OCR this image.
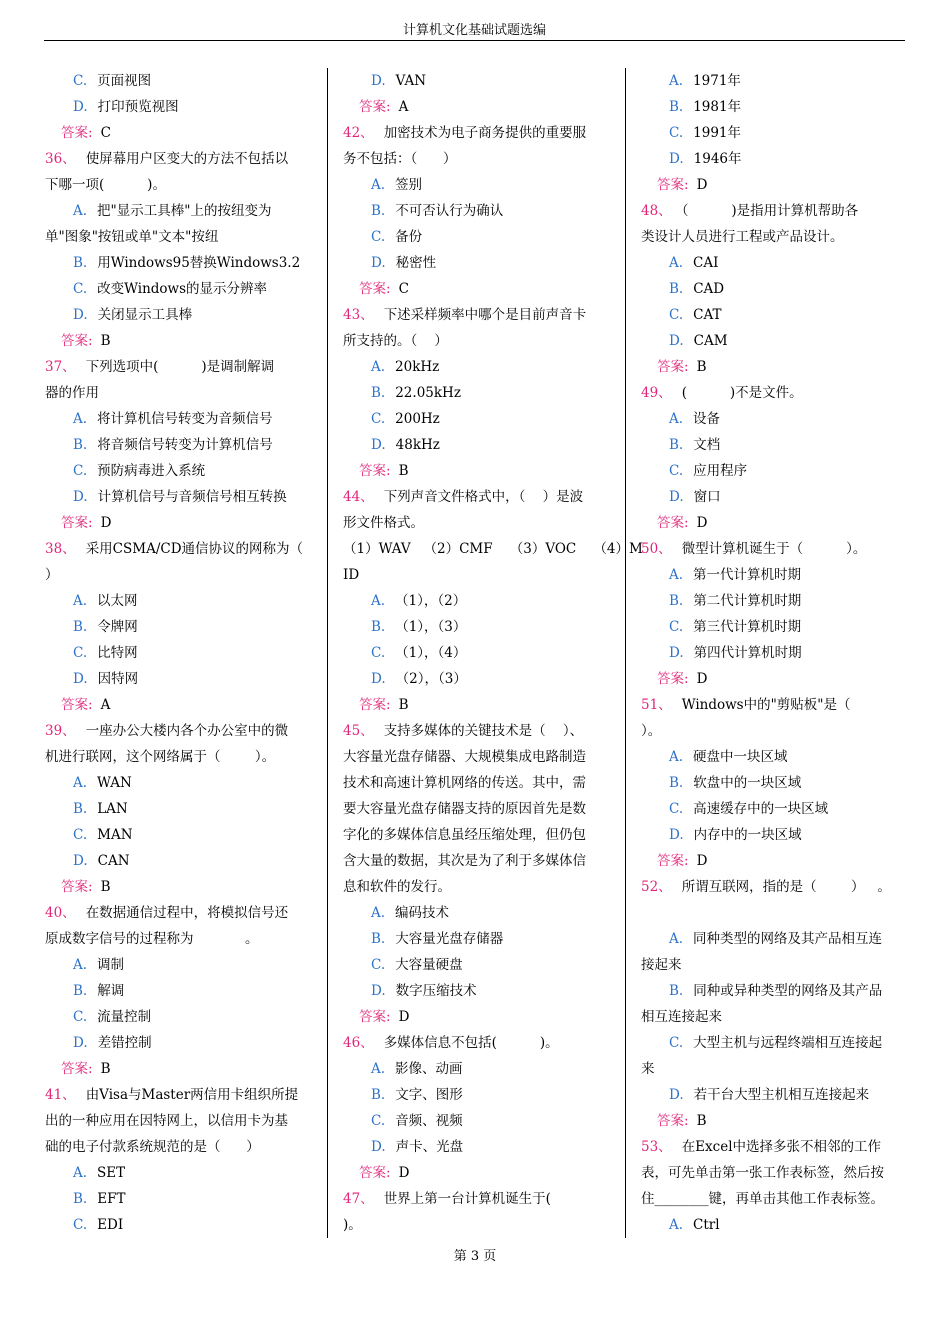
计算机文化基础试题选编
C. 页面视图
D. 打印预览视图
答案: C
36、 使屏幕用户区变大的方法不包括以
下哪一项(          )。
A. 把"显示工具棒"上的按纽变为
单"图象"按钮或单"文本"按纽
B. 用Windows95替换Windows3.2
C. 改变Windows的显示分辨率
D. 关闭显示工具棒
答案: B
37、 下列选项中(          )是调制解调
器的作用
A. 将计算机信号转变为音频信号
B. 将音频信号转变为计算机信号
C. 预防病毒进入系统
D. 计算机信号与音频信号相互转换
答案: D
38、 采用CSMA/CD通信协议的网称为（
）
A. 以太网
B. 令牌网
C. 比特网
D. 因特网
答案: A
39、 一座办公大楼内各个办公室中的微
机进行联网，这个网络属于（        ）。
A. WAN
B. LAN
C. MAN
D. CAN
答案: B
40、 在数据通信过程中，将模拟信号还
原成数字信号的过程称为            。
A. 调制
B. 解调
C. 流量控制
D. 差错控制
答案: B
41、 由Visa与Master两信用卡组织所提
出的一种应用在因特网上，以信用卡为基
础的电子付款系统规范的是（      ）
A. SET
B. EFT
C. EDI
D. VAN
答案: A
42、 加密技术为电子商务提供的重要服
务不包括：（      ）
A. 签别
B. 不可否认行为确认
C. 备份
D. 秘密性
答案: C
43、 下述采样频率中哪个是目前声音卡
所支持的。（    ）
A. 20kHz
B. 22.05kHz
C. 200Hz
D. 48kHz
答案: B
44、 下列声音文件格式中，（    ）是波
形文件格式。
（1）WAV   （2）CMF    （3）VOC    （4）M
ID
A. （1），（2）
B. （1），（3）
C. （1），（4）
D. （2），（3）
答案: B
45、 支持多媒体的关键技术是（    ）、
大容量光盘存储器、大规模集成电路制造
技术和高速计算机网络的传送。其中，需
要大容量光盘存储器支持的原因首先是数
字化的多媒体信息虽经压缩处理，但仍包
含大量的数据，其次是为了利于多媒体信
息和软件的发行。
A. 编码技术
B. 大容量光盘存储器
C. 大容量硬盘
D. 数字压缩技术
答案: D
46、 多媒体信息不包括(          )。
A. 影像、动画
B. 文字、图形
C. 音频、视频
D. 声卡、光盘
答案: D
47、 世界上第一台计算机诞生于(
)。
A. 1971年
B. 1981年
C. 1991年
D. 1946年
答案: D
48、 （          )是指用计算机帮助各
类设计人员进行工程或产品设计。
A. CAI
B. CAD
C. CAT
D. CAM
答案: B
49、 (          )不是文件。
A. 设备
B. 文档
C. 应用程序
D. 窗口
答案: D
50、 微型计算机诞生于（          ）。
A. 第一代计算机时期
B. 第二代计算机时期
C. 第三代计算机时期
D. 第四代计算机时期
答案: D
51、 Windows中的"剪贴板"是（
）。
A. 硬盘中一块区域
B. 软盘中的一块区域
C. 高速缓存中的一块区域
D. 内存中的一块区域
答案: D
52、 所谓互联网，指的是（        ）   。
A. 同种类型的网络及其产品相互连
接起来
B. 同种或异种类型的网络及其产品
相互连接起来
C. 大型主机与远程终端相互连接起
来
D. 若干台大型主机相互连接起来
答案: B
53、 在Excel中选择多张不相邻的工作
表，可先单击第一张工作表标签，然后按
住________键，再单击其他工作表标签。
A. Ctrl
第 3 页
